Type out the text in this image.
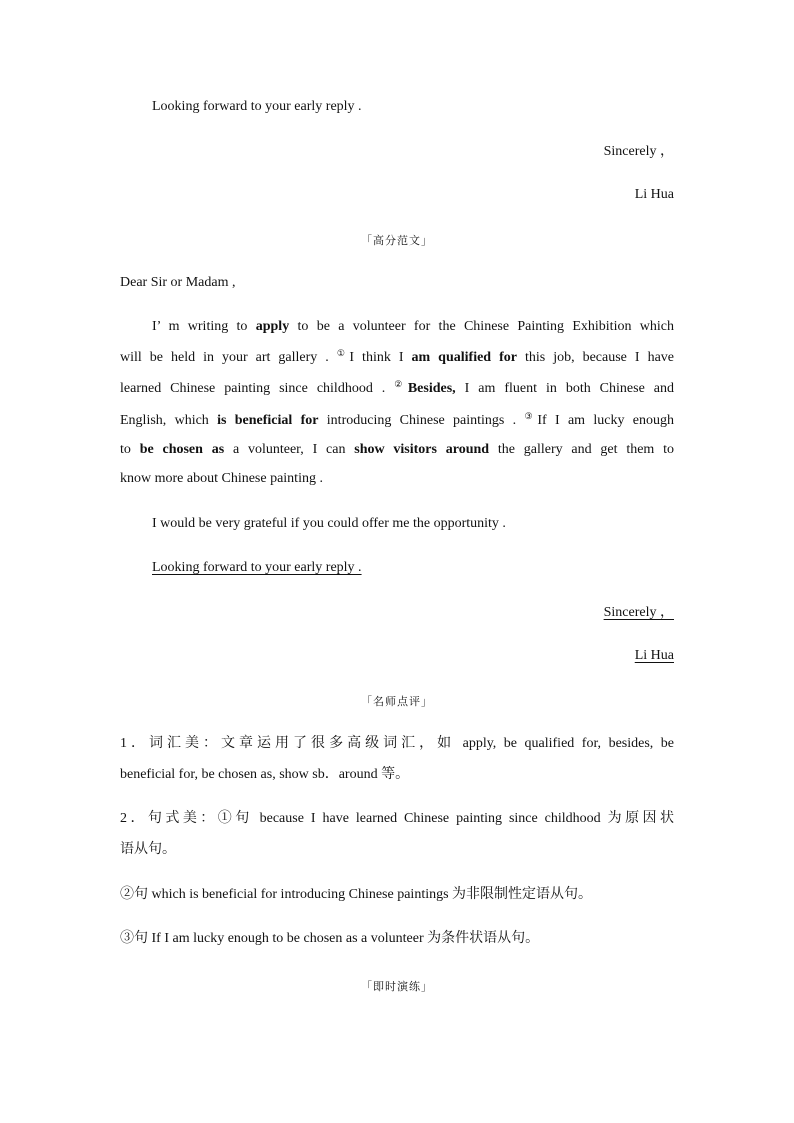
Looking forward to your early reply .
Sincerely ，
Li Hua
「高分范文」
Dear Sir or Madam ,
I’ m writing to apply to be a volunteer for the Chinese Painting Exhibition which
will be held in your art gallery . ①I think I am qualified for this job, because I have
learned Chinese painting since childhood . ②Besides, I am fluent in both Chinese and
English, which is beneficial for introducing Chinese paintings . ③If I am lucky enough
to be chosen as a volunteer, I can show visitors around the gallery and get them to
know more about Chinese painting .
I would be very grateful if you could offer me the opportunity .
Looking forward to your early reply .
Sincerely ，
Li Hua
「名师点评」
1．词汇美：文章运用了很多高级词汇，如 apply, be qualified for, besides, be
beneficial for, be chosen as, show sb．around 等。
2．句式美：①句 because I have learned Chinese painting since childhood 为原因状
语从句。
②句 which is beneficial for introducing Chinese paintings 为非限制性定语从句。
③句 If I am lucky enough to be chosen as a volunteer 为条件状语从句。
「即时演练」
